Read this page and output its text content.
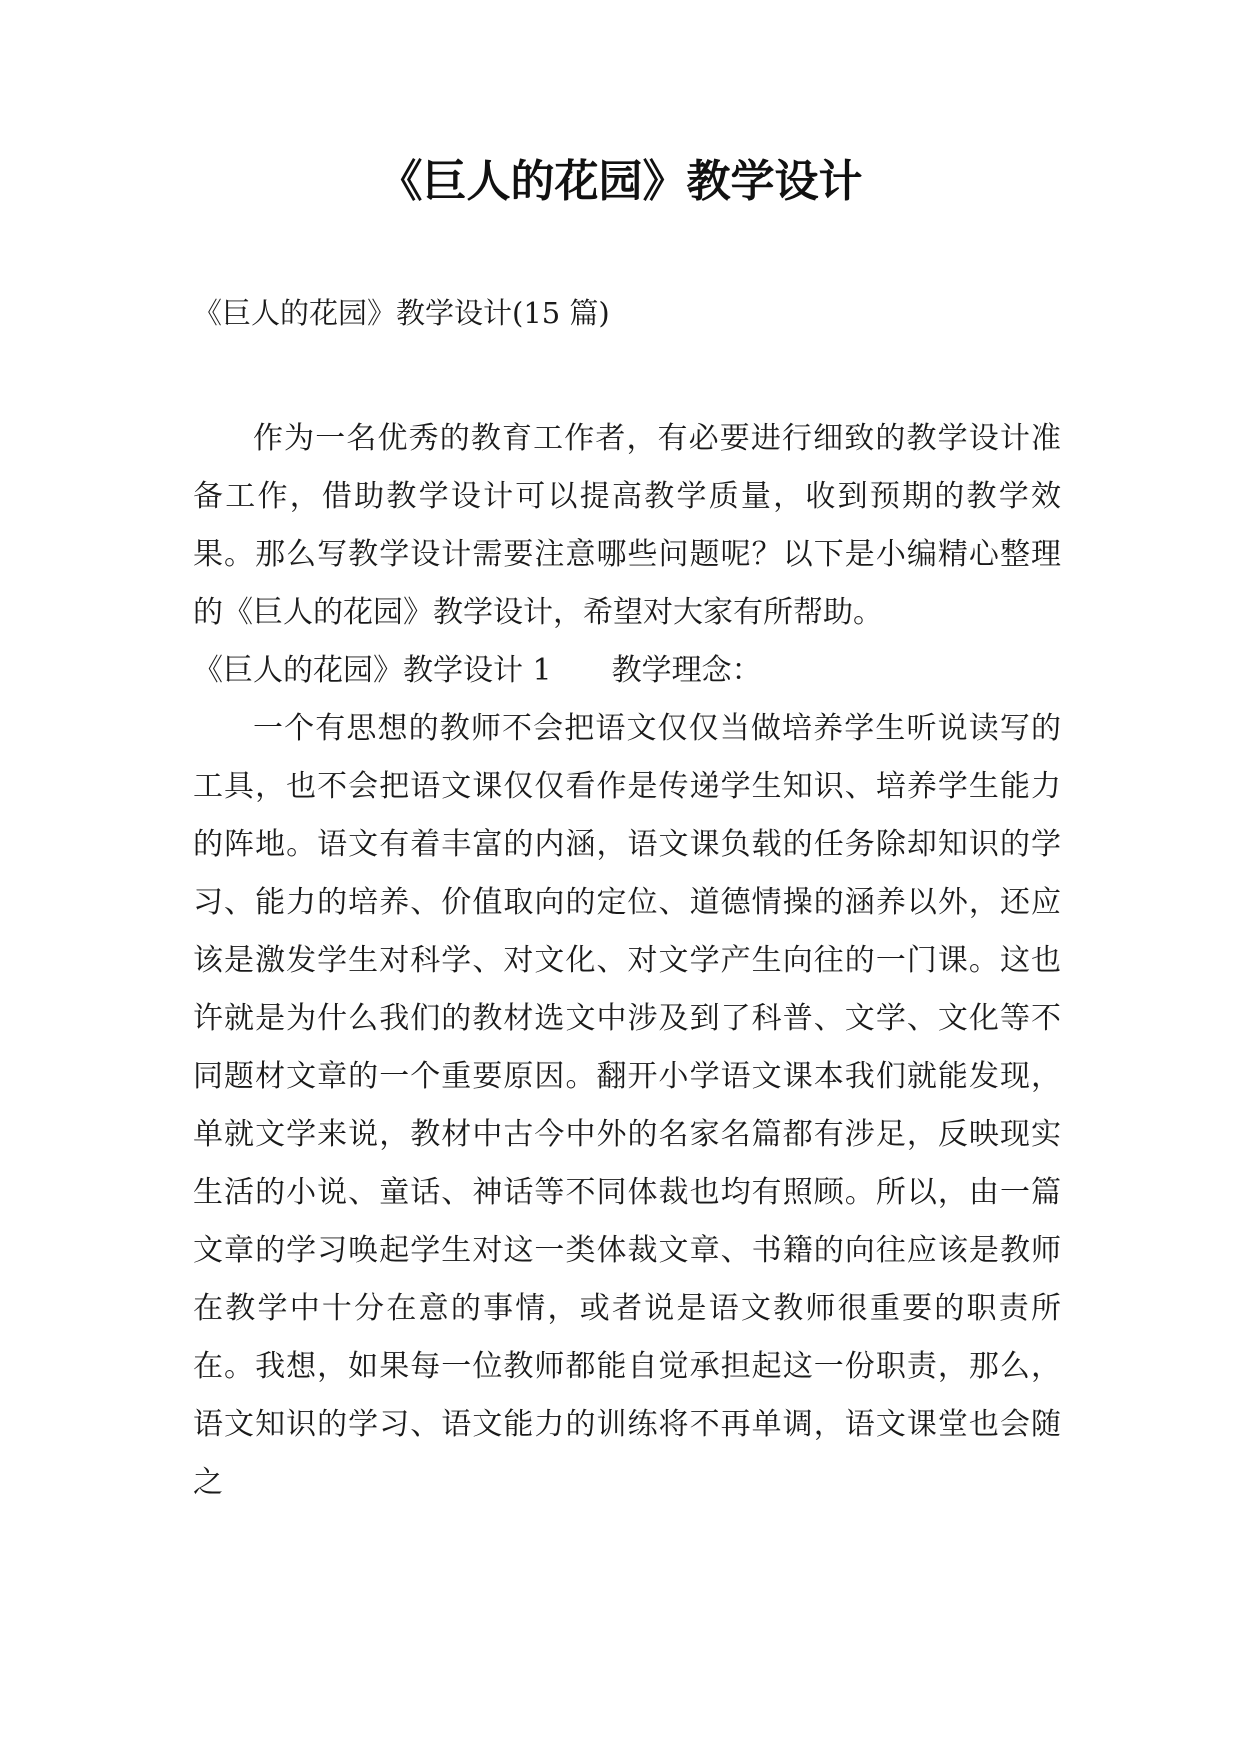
《巨人的花园》教学设计

《巨人的花园》教学设计(15 篇)

作为一名优秀的教育工作者，有必要进行细致的教学设计准备工作，借助教学设计可以提高教学质量，收到预期的教学效果。那么写教学设计需要注意哪些问题呢？以下是小编精心整理的《巨人的花园》教学设计，希望对大家有所帮助。

《巨人的花园》教学设计 1 教学理念：

一个有思想的教师不会把语文仅仅当做培养学生听说读写的工具，也不会把语文课仅仅看作是传递学生知识、培养学生能力的阵地。语文有着丰富的内涵，语文课负载的任务除却知识的学习、能力的培养、价值取向的定位、道德情操的涵养以外，还应该是激发学生对科学、对文化、对文学产生向往的一门课。这也许就是为什么我们的教材选文中涉及到了科普、文学、文化等不同题材文章的一个重要原因。翻开小学语文课本我们就能发现，单就文学来说，教材中古今中外的名家名篇都有涉足，反映现实生活的小说、童话、神话等不同体裁也均有照顾。所以，由一篇文章的学习唤起学生对这一类体裁文章、书籍的向往应该是教师在教学中十分在意的事情，或者说是语文教师很重要的职责所在。我想，如果每一位教师都能自觉承担起这一份职责，那么，语文知识的学习、语文能力的训练将不再单调，语文课堂也会随之
